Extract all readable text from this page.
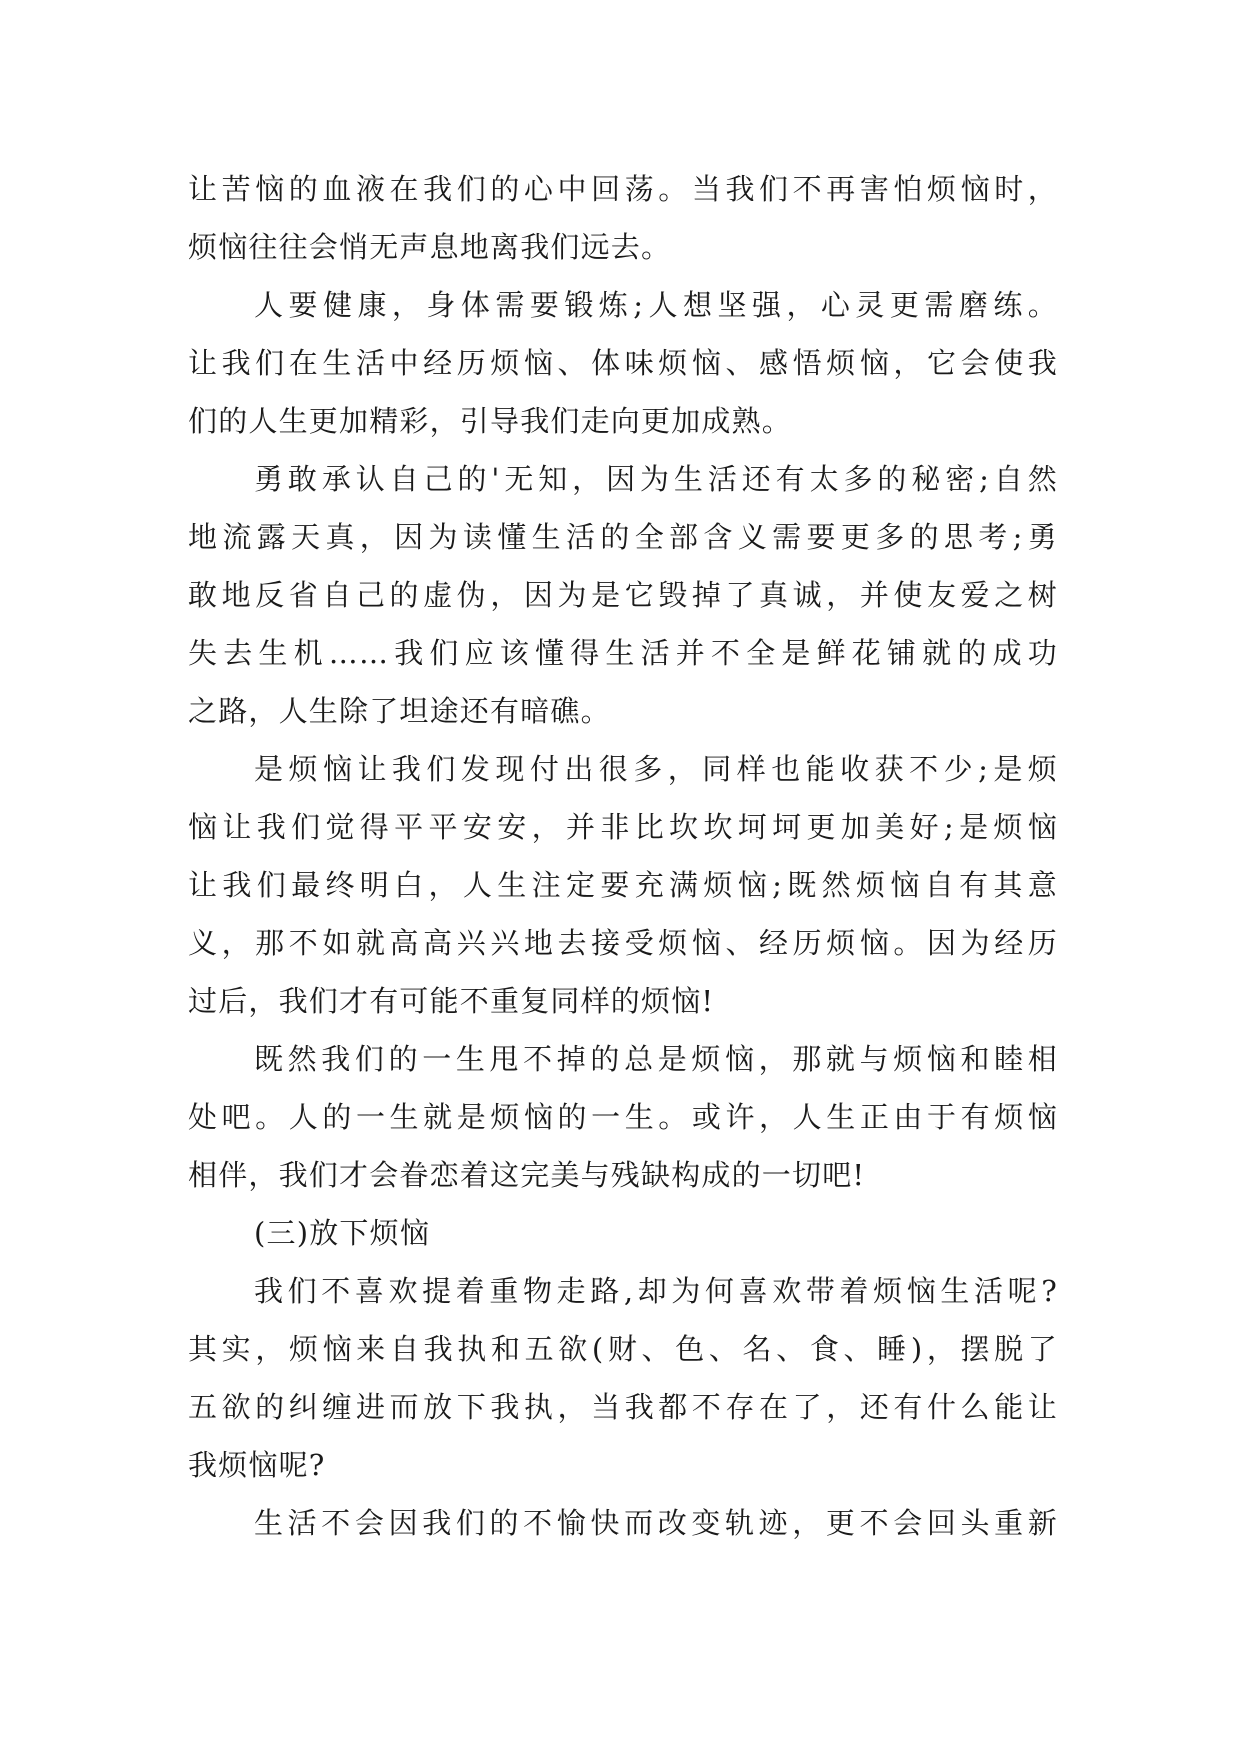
让苦恼的血液在我们的心中回荡。当我们不再害怕烦恼时，
烦恼往往会悄无声息地离我们远去。
人要健康，身体需要锻炼;人想坚强，心灵更需磨练。
让我们在生活中经历烦恼、体味烦恼、感悟烦恼，它会使我
们的人生更加精彩，引导我们走向更加成熟。
勇敢承认自己的'无知，因为生活还有太多的秘密;自然
地流露天真，因为读懂生活的全部含义需要更多的思考;勇
敢地反省自己的虚伪，因为是它毁掉了真诚，并使友爱之树
失去生机……我们应该懂得生活并不全是鲜花铺就的成功
之路，人生除了坦途还有暗礁。
是烦恼让我们发现付出很多，同样也能收获不少;是烦
恼让我们觉得平平安安，并非比坎坎坷坷更加美好;是烦恼
让我们最终明白，人生注定要充满烦恼;既然烦恼自有其意
义，那不如就高高兴兴地去接受烦恼、经历烦恼。因为经历
过后，我们才有可能不重复同样的烦恼!
既然我们的一生甩不掉的总是烦恼，那就与烦恼和睦相
处吧。人的一生就是烦恼的一生。或许，人生正由于有烦恼
相伴，我们才会眷恋着这完美与残缺构成的一切吧!
(三)放下烦恼
我们不喜欢提着重物走路,却为何喜欢带着烦恼生活呢?
其实，烦恼来自我执和五欲(财、色、名、食、睡)，摆脱了
五欲的纠缠进而放下我执，当我都不存在了，还有什么能让
我烦恼呢?
生活不会因我们的不愉快而改变轨迹，更不会回头重新
